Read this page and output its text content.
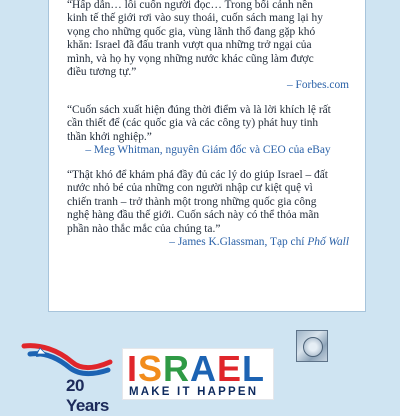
“Hấp dẫn… lôi cuốn người đọc… Trong bối cảnh nền

kinh tế thế giới rơi vào suy thoái, cuốn sách mang lại hy

vọng cho những quốc gia, vùng lãnh thổ đang gặp khó

khăn: Israel đã đấu tranh vượt qua những trở ngại của

mình, và họ hy vọng những nước khác cũng làm được

điều tương tự.”

– Forbes.com

“Cuốn sách xuất hiện đúng thời điểm và là lời khích lệ rất

cần thiết để (các quốc gia và các công ty) phát huy tinh

thần khởi nghiệp.”

– Meg Whitman, nguyên Giám đốc và CEO của eBay

“Thật khó để khám phá đầy đủ các lý do giúp Israel – đất

nước nhỏ bé của những con người nhập cư kiệt quệ vì

chiến tranh – trở thành một trong những quốc gia công

nghệ hàng đầu thế giới. Cuốn sách này có thể thỏa mãn

phần nào thắc mắc của chúng ta.”

– James K.Glassman, Tạp chí Phố Wall
20 Years
I S R A E L
MAKE IT HAPPEN
